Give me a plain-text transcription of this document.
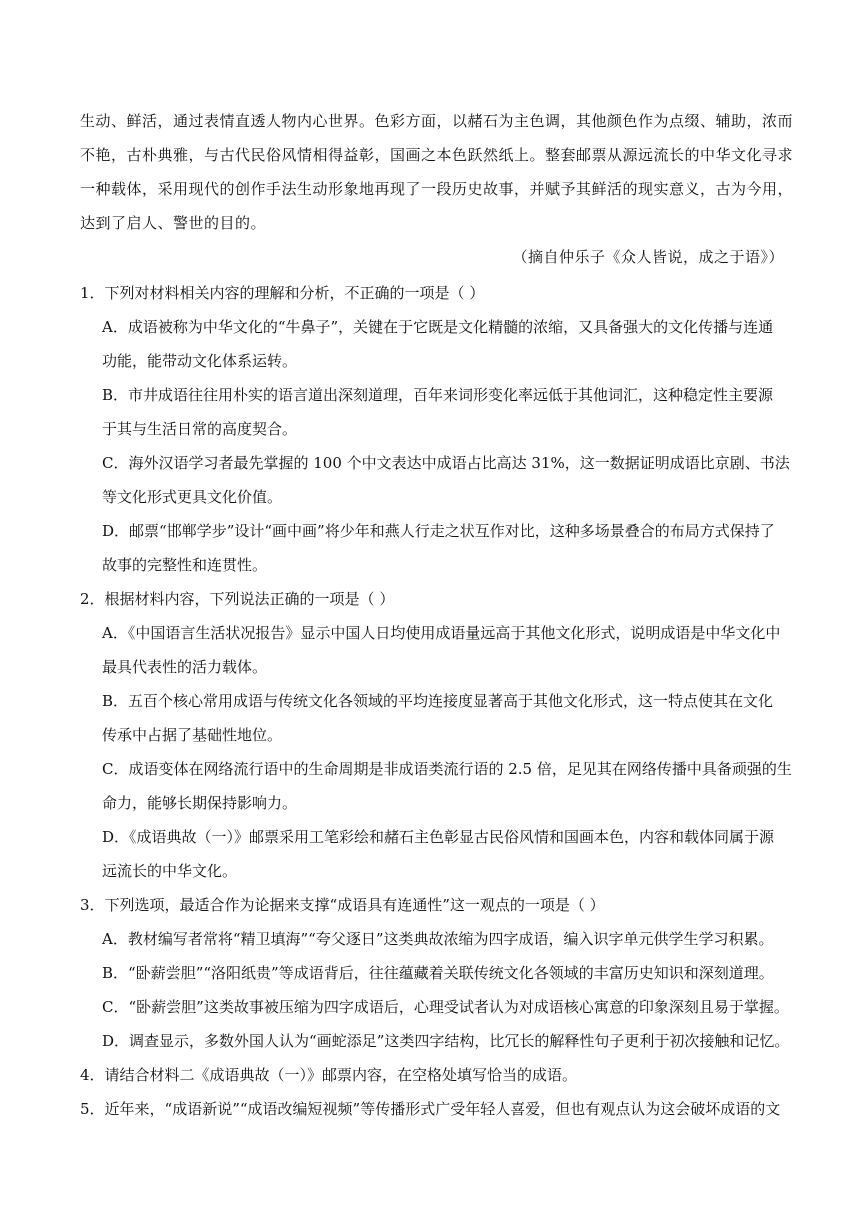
生动、鲜活，通过表情直透人物内心世界。色彩方面，以赭石为主色调，其他颜色作为点缀、辅助，浓而
不艳，古朴典雅，与古代民俗风情相得益彰，国画之本色跃然纸上。整套邮票从源远流长的中华文化寻求
一种载体，采用现代的创作手法生动形象地再现了一段历史故事，并赋予其鲜活的现实意义，古为今用，
达到了启人、警世的目的。
（摘自仲乐子《众人皆说，成之于语》）
1．下列对材料相关内容的理解和分析，不正确的一项是（ ）
A．成语被称为中华文化的“牛鼻子”，关键在于它既是文化精髓的浓缩，又具备强大的文化传播与连通
功能，能带动文化体系运转。
B．市井成语往往用朴实的语言道出深刻道理，百年来词形变化率远低于其他词汇，这种稳定性主要源
于其与生活日常的高度契合。
C．海外汉语学习者最先掌握的 100 个中文表达中成语占比高达 31%，这一数据证明成语比京剧、书法
等文化形式更具文化价值。
D．邮票“邯郸学步”设计“画中画”将少年和燕人行走之状互作对比，这种多场景叠合的布局方式保持了
故事的完整性和连贯性。
2．根据材料内容，下列说法正确的一项是（ ）
A．《中国语言生活状况报告》显示中国人日均使用成语量远高于其他文化形式，说明成语是中华文化中
最具代表性的活力载体。
B．五百个核心常用成语与传统文化各领域的平均连接度显著高于其他文化形式，这一特点使其在文化
传承中占据了基础性地位。
C．成语变体在网络流行语中的生命周期是非成语类流行语的 2.5 倍，足见其在网络传播中具备顽强的生
命力，能够长期保持影响力。
D．《成语典故（一）》邮票采用工笔彩绘和赭石主色彰显古民俗风情和国画本色，内容和载体同属于源
远流长的中华文化。
3．下列选项，最适合作为论据来支撑“成语具有连通性”这一观点的一项是（ ）
A．教材编写者常将“精卫填海”“夸父逐日”这类典故浓缩为四字成语，编入识字单元供学生学习积累。
B．“卧薪尝胆”“洛阳纸贵”等成语背后，往往蕴藏着关联传统文化各领域的丰富历史知识和深刻道理。
C．“卧薪尝胆”这类故事被压缩为四字成语后，心理受试者认为对成语核心寓意的印象深刻且易于掌握。
D．调查显示，多数外国人认为“画蛇添足”这类四字结构，比冗长的解释性句子更利于初次接触和记忆。
4．请结合材料二《成语典故（一）》邮票内容，在空格处填写恰当的成语。
5．近年来，“成语新说”“成语改编短视频”等传播形式广受年轻人喜爱，但也有观点认为这会破坏成语的文
